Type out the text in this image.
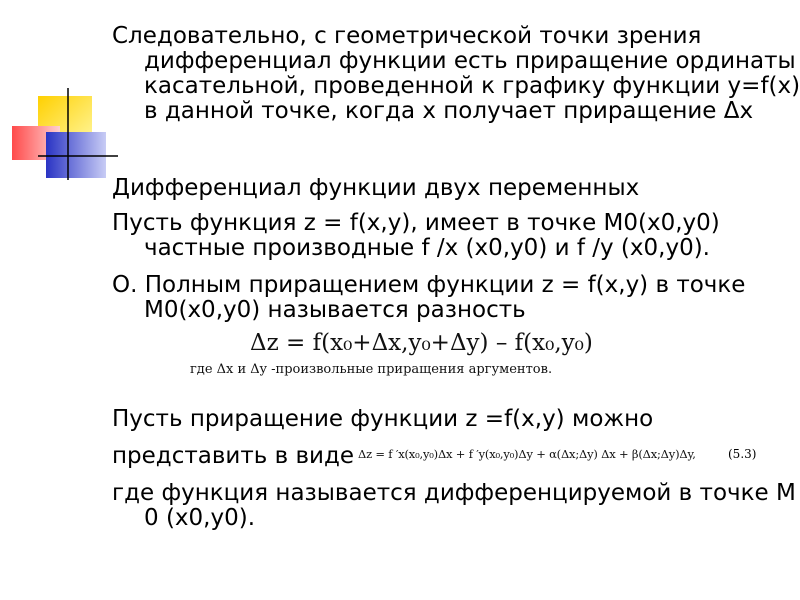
Следовательно, с геометрической точки зрения дифференциал функции есть приращение ординаты касательной, проведенной к графику функции y=f(x) в данной точке, когда х получает приращение Δх

Дифференциал функции двух переменных

Пусть функция z = f(x,y), имеет в точке M0(x0,y0) частные производные f /x (x0,y0) и f /y (x0,y0).

О. Полным приращением функции z = f(x,y) в точке M0(x0,y0) называется разность

Δz = f(x₀+Δx,y₀+Δy) – f(x₀,y₀)
где Δx и Δy -произвольные приращения аргументов.

Пусть приращение функции z =f(x,y) можно

представить в виде Δz = f ′x(x₀,y₀)Δx + f ′y(x₀,y₀)Δy + α(Δx;Δy) Δx + β(Δx;Δy)Δy,	(5.3)

где функция называется дифференцируемой в точке M 0 (x0,y0).
